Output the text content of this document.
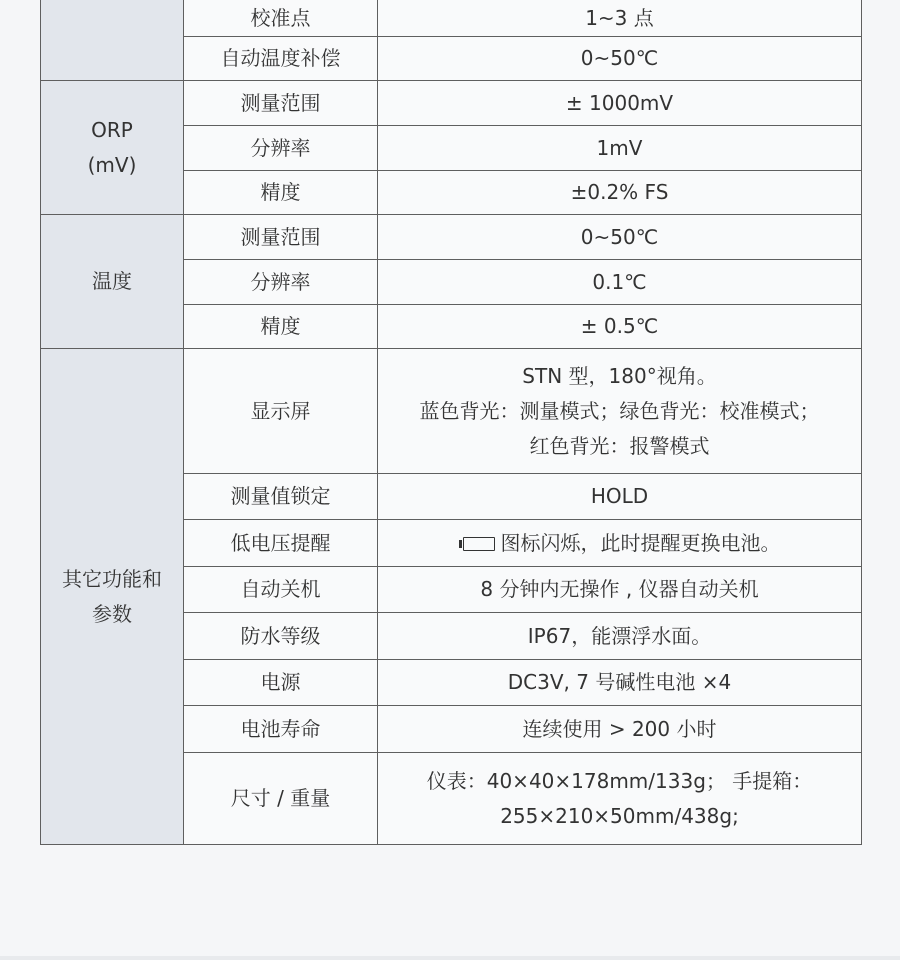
	校准点	1~3 点
	自动温度补偿	0~50℃

ORP
(mV)	测量范围	± 1000mV
	分辨率	1mV
	精度	±0.2% FS
温度	测量范围	0~50℃
	分辨率	0.1℃
	精度	± 0.5℃

其它功能和
参数	显示屏	STN 型，180°视角。
蓝色背光：测量模式；绿色背光：校准模式；
红色背光：报警模式

	测量值锁定	HOLD
	低电压提醒	图标闪烁，此时提醒更换电池。
	自动关机	8 分钟内无操作 , 仪器自动关机
	防水等级	IP67，能漂浮水面。
	电源	DC3V, 7 号碱性电池 ×4
	电池寿命	连续使用 > 200 小时
	尺寸 / 重量	仪表：40×40×178mm/133g； 手提箱：
255×210×50mm/438g;
